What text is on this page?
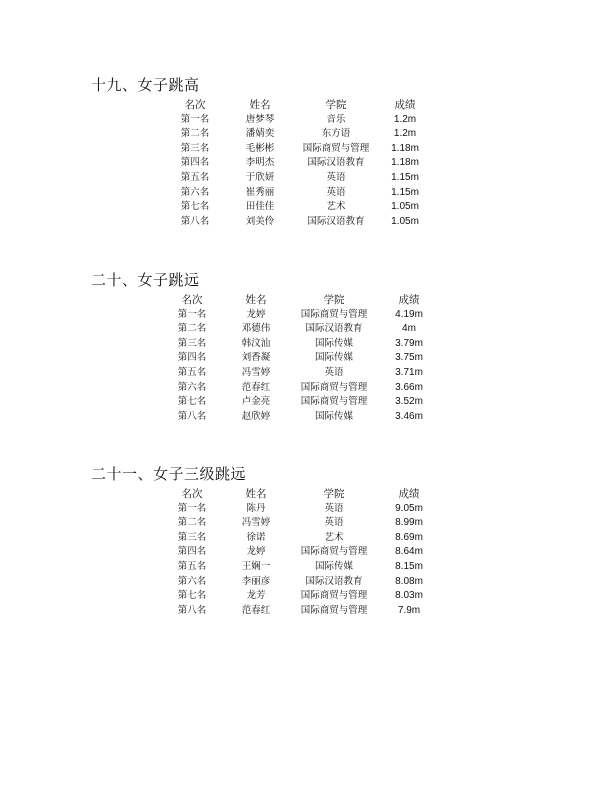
十九、女子跳高
名次	姓名	学院	成绩
第一名	唐梦琴	音乐	1.2m
第二名	潘婧奕	东方语	1.2m
第三名	毛彬彬	国际商贸与管理 1.18m
第四名	李明杰	国际汉语教育	1.18m
第五名	于欣妍	英语	1.15m
第六名	崔秀丽	英语	1.15m
第七名	田佳佳	艺术	1.05m
第八名	刘美伶	国际汉语教育	1.05m
二十、女子跳远
名次	姓名	学院	成绩
第一名	龙婷	国际商贸与管理	4.19m
第二名	邓德伟	国际汉语教育	4m
第三名	韩汶汕	国际传媒	3.79m
第四名	刘香凝	国际传媒	3.75m
第五名	冯雪婷	英语	3.71m
第六名	范春红	国际商贸与管理	3.66m
第七名	卢金亮	国际商贸与管理	3.52m
第八名	赵欣婷	国际传媒	3.46m
二十一、女子三级跳远
名次	姓名	学院	成绩
第一名	陈丹	英语	9.05m
第二名	冯雪婷	英语	8.99m
第三名	徐诺	艺术	8.69m
第四名	龙婷	国际商贸与管理	8.64m
第五名	王娴一	国际传媒	8.15m
第六名	李丽彦	国际汉语教育	8.08m
第七名	龙芳	国际商贸与管理	8.03m
第八名	范春红	国际商贸与管理	7.9m
